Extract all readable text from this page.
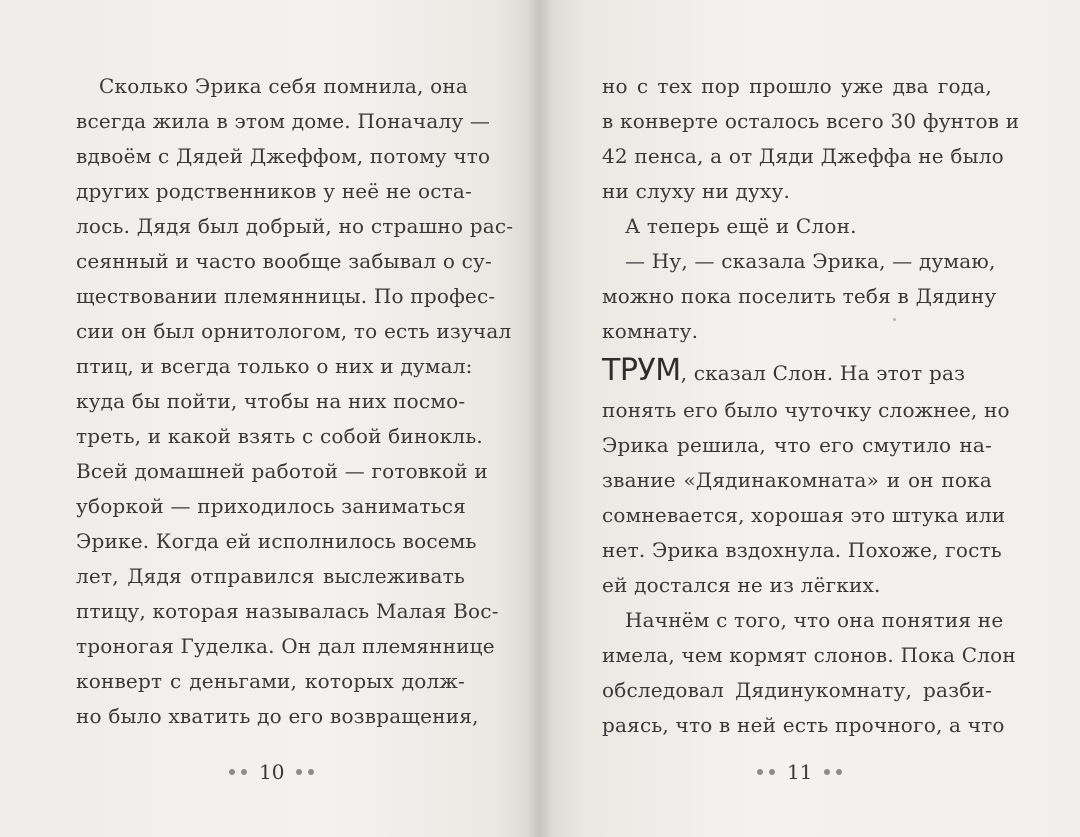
Сколько Эрика себя помнила, она
всегда жила в этом доме. Поначалу —
вдвоём с Дядей Джеффом, потому что
других родственников у неё не оста-
лось. Дядя был добрый, но страшно рас-
сеянный и часто вообще забывал о су-
ществовании племянницы. По профес-
сии он был орнитологом, то есть изучал
птиц, и всегда только о них и думал:
куда бы пойти, чтобы на них посмо-
треть, и какой взять с собой бинокль.
Всей домашней работой — готовкой и
уборкой — приходилось заниматься
Эрике. Когда ей исполнилось восемь
лет, Дядя отправился выслеживать
птицу, которая называлась Малая Вос-
троногая Гуделка. Он дал племяннице
конверт с деньгами, которых долж-
но было хватить до его возвращения,
10
но с тех пор прошло уже два года,
в конверте осталось всего 30 фунтов и
42 пенса, а от Дяди Джеффа не было
ни слуху ни духу.
А теперь ещё и Слон.
— Ну, — сказала Эрика, — думаю,
можно пока поселить тебя в Дядину
комнату.
ТРУМ, сказал Слон. На этот раз
понять его было чуточку сложнее, но
Эрика решила, что его смутило на-
звание «Дядинакомната» и он пока
сомневается, хорошая это штука или
нет. Эрика вздохнула. Похоже, гость
ей достался не из лёгких.
Начнём с того, что она понятия не
имела, чем кормят слонов. Пока Слон
обследовал Дядинукомнату, разби-
раясь, что в ней есть прочного, а что
11
